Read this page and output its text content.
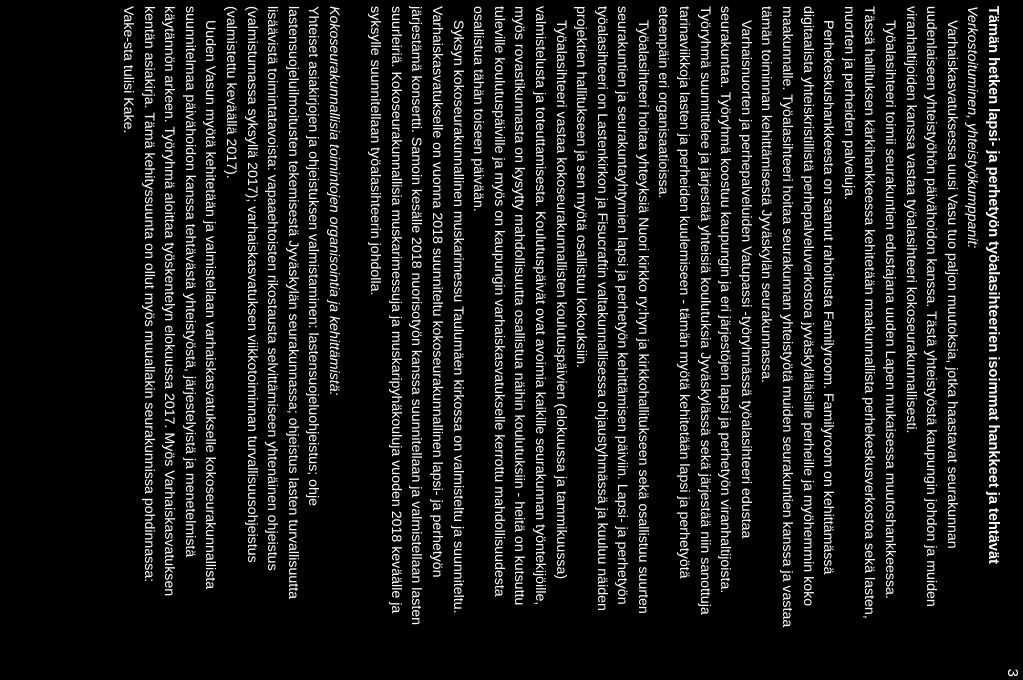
3
Tämän hetken lapsi- ja perhetyön työalasihteerien isoimmat hankkeet ja tehtävät
Verkostoituminen, yhteistyökumppanit:
Varhaiskasvatuksessa uusi Vasu tuo paljon muutoksia, jotka haastavat seurakunnan
uudenlaiseen yhteistyöhön päivähoidon kanssa. Tästä yhteistyöstä kaupungin johdon ja muiden
viranhaltijoiden kanssa vastaa työalasihteeri kokoseurakunnallisesti.
Työalasihteeri toimii seurakuntien edustajana uuden Lapen mukaisessa muutoshankkeessa.
Tässä hallituksen kärkihankkeessa kehitetään maakunnallista perhekeskusverkostoa sekä lasten,
nuorten ja perheiden palveluja.
Perhekeskushankkeesta on saanut rahoitusta Familyroom. Familyroom on kehittämässä
digitaalista yhteiskristillistä perhepalveluverkostoa jyväskyläläisille perheille ja myöhemmin koko
maakunnalle. Työalasihteeri hoitaa seurakunnan yhteistyötä muiden seurakuntien kanssa ja vastaa
tämän toiminnan kehittämisestä Jyväskylän seurakunnassa.
Varhaisnuorten ja perhepalveluiden Vatupassi -työryhmässä työalasihteeri edustaa
seurakuntaa. Työryhmä koostuu kaupungin ja eri järjestöjen lapsi ja perhetyön viranhaltijoista.
Työryhmä suunnittelee ja järjestää yhteisiä koulutuksia Jyväskylässä sekä järjestää niin sanottuja
tarinaviikkoja lasten ja perheiden kuulemiseen - tämän myötä kehitetään lapsi ja perhetyötä
eteenpäin eri organisaatioissa.
Työalasihteeri hoitaa yhteyksiä Nuori kirkko ry:hyn ja kirkkohallitukseen sekä osallistuu suurten
seurakuntien ja seurakuntayhtymien lapsi ja perhetyön kehittämisen päiviin. Lapsi- ja perhetyön
työalasihteeri on Lastenkirkon ja Fisucraftin valtakunnallisessa ohjaustyhmässä ja kuuluu näiden
projektien hallitukseen ja sen myötä osallistuu kokouksiin.
Työalasihteeri vastaa kokoseurakunnallisten koulutuspäivien (elokuussa ja tammikuussa)
valmistelusta ja toteuttamisesta. Koulutuspäivät ovat avoimia kaikille seurakunnan työntekijöille,
myös rovastikunnasta on kysytty mahdollisuutta osallistua näihin koulutuksiin - heitä on kutsuttu
tuleville koulutuspäiville ja myös on kaupungin varhaiskasvatukselle kerrottu mahdollisuudesta
osallistua tähän toiseen päivään.
Syksyn kokoseurakunnallinen muskarimessu Taulumäen kirkossa on valmisteltu ja suunniteltu.
Varhaiskasvatukselle on vuonna 2018 suunniteltu kokoseurakunnallinen lapsi- ja perhetyön
järjestämä konsertti. Samoin kesälle 2018 nuorisotyön kanssa suunnitellaan ja valmistellaan lasten
suurleiriä. Kokoseurakunnallisia muskarimessuja ja muskaripyhäkouluja vuoden 2018 keväälle ja
syksylle suunnitellaan työalasihteerin johdolla.

Kokoseurakunnallisia toimintojen organisointia ja kehittämistä:
Yhteiset asiakirjojen ja ohjeistuksen valmistaminen: lastensuojeluohjeistus; ohje
lastensuojeluilmoitusten tekemisestä Jyväskylän seurakunnassa; ohjeistus lasten turvallisuutta
lisäävistä toimintatavoista: vapaaehtoisten rikostausta selvittämiseen yhtenäinen ohjeistus
(valmistumassa syksyllä 2017); varhaiskasvatuksen viikkotoiminnan turvallisuusohjeistus
(valmistettu keväällä 2017).
Uuden Vasun myötä kehitetään ja valmistellaan varhaiskasvatukselle kokoseurakunnallista
suunnitelmaa päivähoidon kanssa tehtävästä yhteistyöstä, järjestelyistä ja menetelmistä
käytännön arkeen. Työryhmä aloittaa työskentelyn elokuussa 2017. Myös Varhaiskasvatuksen
kentän asiakirja. Tämä kehityssuunta on ollut myös muuallakin seurakunnissa pohdinnassa:
Vake-sta tulisi Kake.
